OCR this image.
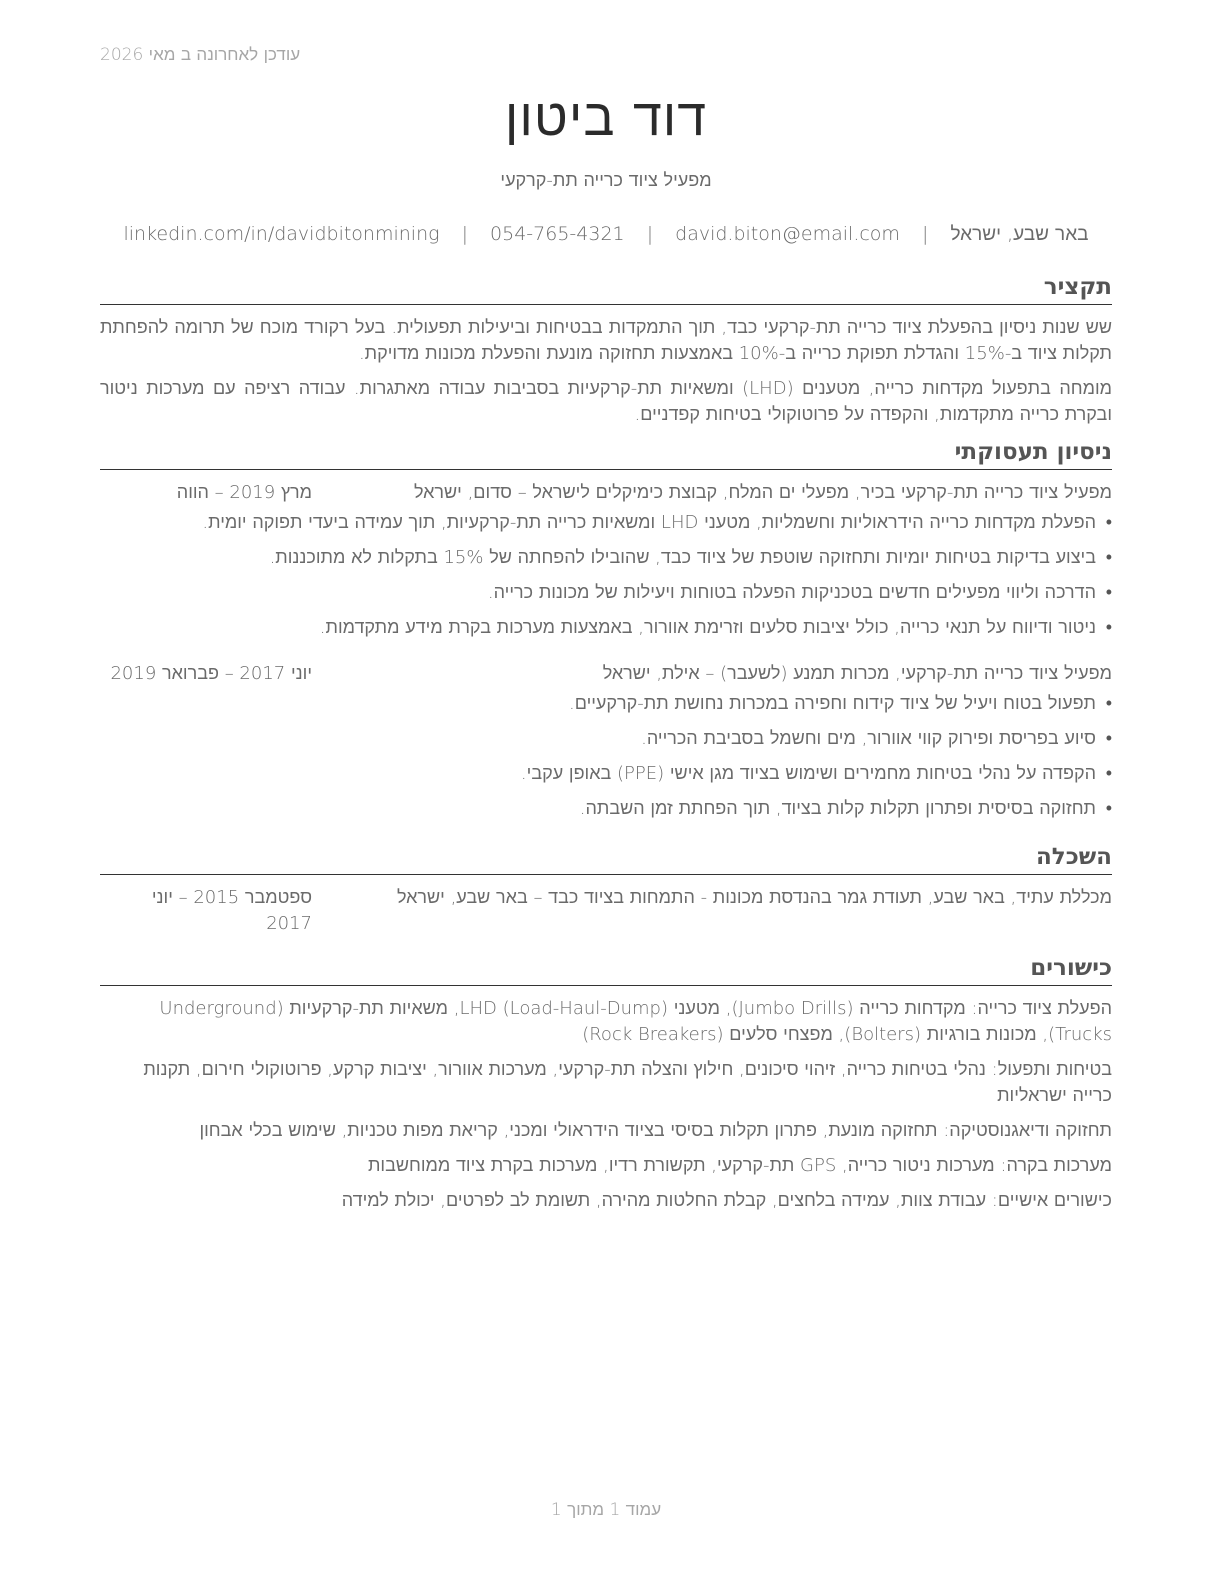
עודכן לאחרונה ב מאי 2026
דוד ביטון
מפעיל ציוד כרייה תת-קרקעי
באר שבע, ישראל | david.biton@email.com | 054-765-4321 | linkedin.com/in/davidbitonmining
תקציר

שש שנות ניסיון בהפעלת ציוד כרייה תת-קרקעי כבד, תוך התמקדות בבטיחות וביעילות תפעולית. בעל רקורד מוכח של תרומה להפחתת תקלות ציוד ב-15% והגדלת תפוקת כרייה ב-10% באמצעות תחזוקה מונעת והפעלת מכונות מדויקת.

מומחה בתפעול מקדחות כרייה, מטענים (LHD) ומשאיות תת-קרקעיות בסביבות עבודה מאתגרות. עבודה רציפה עם מערכות ניטור ובקרת כרייה מתקדמות, והקפדה על פרוטוקולי בטיחות קפדניים.

ניסיון תעסוקתי
מפעיל ציוד כרייה תת-קרקעי בכיר, מפעלי ים המלח, קבוצת כימיקלים לישראל – סדום, ישראל
מרץ 2019 – הווה
• הפעלת מקדחות כרייה הידראוליות וחשמליות, מטעני LHD ומשאיות כרייה תת-קרקעיות, תוך עמידה ביעדי תפוקה יומית.
• ביצוע בדיקות בטיחות יומיות ותחזוקה שוטפת של ציוד כבד, שהובילו להפחתה של 15% בתקלות לא מתוכננות.
• הדרכה וליווי מפעילים חדשים בטכניקות הפעלה בטוחות ויעילות של מכונות כרייה.
• ניטור ודיווח על תנאי כרייה, כולל יציבות סלעים וזרימת אוורור, באמצעות מערכות בקרת מידע מתקדמות.
מפעיל ציוד כרייה תת-קרקעי, מכרות תמנע (לשעבר) – אילת, ישראל
יוני 2017 – פברואר 2019
• תפעול בטוח ויעיל של ציוד קידוח וחפירה במכרות נחושת תת-קרקעיים.
• סיוע בפריסת ופירוק קווי אוורור, מים וחשמל בסביבת הכרייה.
• הקפדה על נהלי בטיחות מחמירים ושימוש בציוד מגן אישי (PPE) באופן עקבי.
• תחזוקה בסיסית ופתרון תקלות קלות בציוד, תוך הפחתת זמן השבתה.
השכלה
מכללת עתיד, באר שבע, תעודת גמר בהנדסת מכונות - התמחות בציוד כבד – באר שבע, ישראל
ספטמבר 2015 – יוני 2017
כישורים

הפעלת ציוד כרייה: מקדחות כרייה (Jumbo Drills), מטעני LHD (Load-Haul-Dump), משאיות תת-קרקעיות (Underground Trucks), מכונות בורגיות (Bolters), מפצחי סלעים (Rock Breakers)

בטיחות ותפעול: נהלי בטיחות כרייה, זיהוי סיכונים, חילוץ והצלה תת-קרקעי, מערכות אוורור, יציבות קרקע, פרוטוקולי חירום, תקנות כרייה ישראליות

תחזוקה ודיאגנוסטיקה: תחזוקה מונעת, פתרון תקלות בסיסי בציוד הידראולי ומכני, קריאת מפות טכניות, שימוש בכלי אבחון

מערכות בקרה: מערכות ניטור כרייה, GPS תת-קרקעי, תקשורת רדיו, מערכות בקרת ציוד ממוחשבות

כישורים אישיים: עבודת צוות, עמידה בלחצים, קבלת החלטות מהירה, תשומת לב לפרטים, יכולת למידה

עמוד 1 מתוך 1
